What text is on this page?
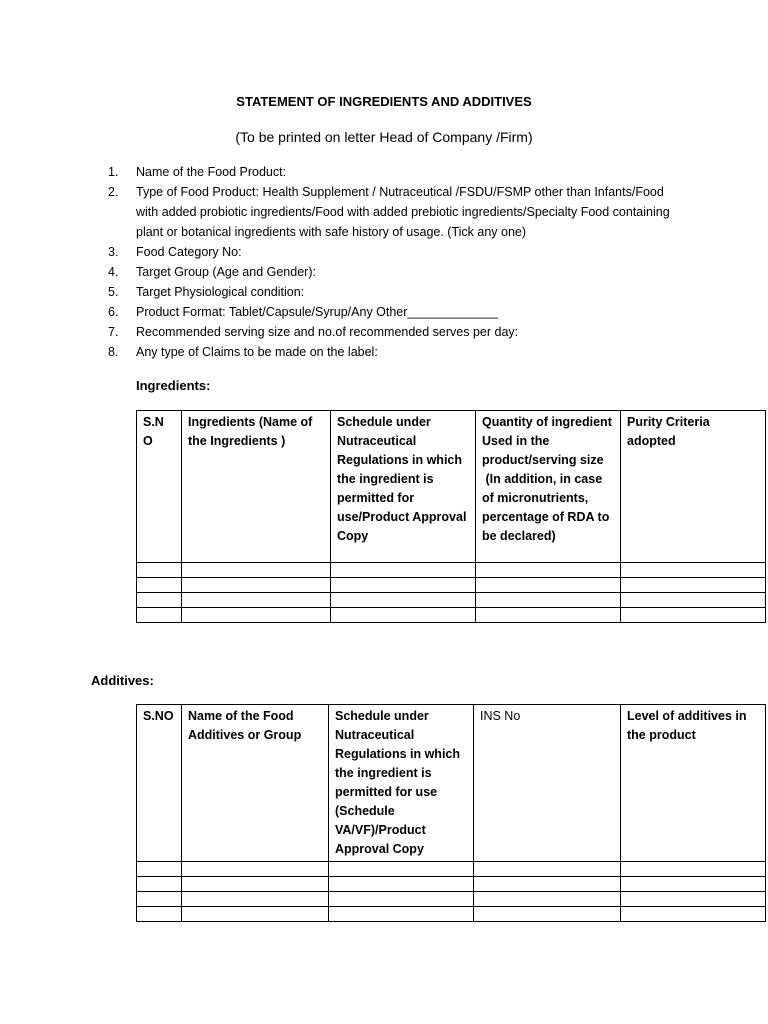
STATEMENT OF INGREDIENTS AND ADDITIVES
(To be printed on letter Head of Company /Firm)
1.	Name of the Food Product:
2.	Type of Food Product: Health Supplement / Nutraceutical /FSDU/FSMP other than Infants/Food with added probiotic ingredients/Food with added prebiotic ingredients/Specialty Food containing plant or botanical ingredients with safe history of usage. (Tick any one)
3.	Food Category No:
4.	Target Group (Age and Gender):
5.	Target Physiological condition:
6.	Product Format: Tablet/Capsule/Syrup/Any Other_____________
7.	Recommended serving size and no.of recommended serves per day:
8.	Any type of Claims to be made on the label:
Ingredients:
S.N O	Ingredients (Name of the Ingredients )	Schedule under Nutraceutical Regulations in which the ingredient is permitted for use/Product Approval Copy	Quantity of ingredient Used in the product/serving size
(In addition, in case of micronutrients, percentage of RDA to be declared)	Purity Criteria adopted

Additives:
S.NO	Name of the Food Additives or Group	Schedule under Nutraceutical Regulations in which the ingredient is permitted for use (Schedule VA/VF)/Product Approval Copy	INS No	Level of additives in the product
